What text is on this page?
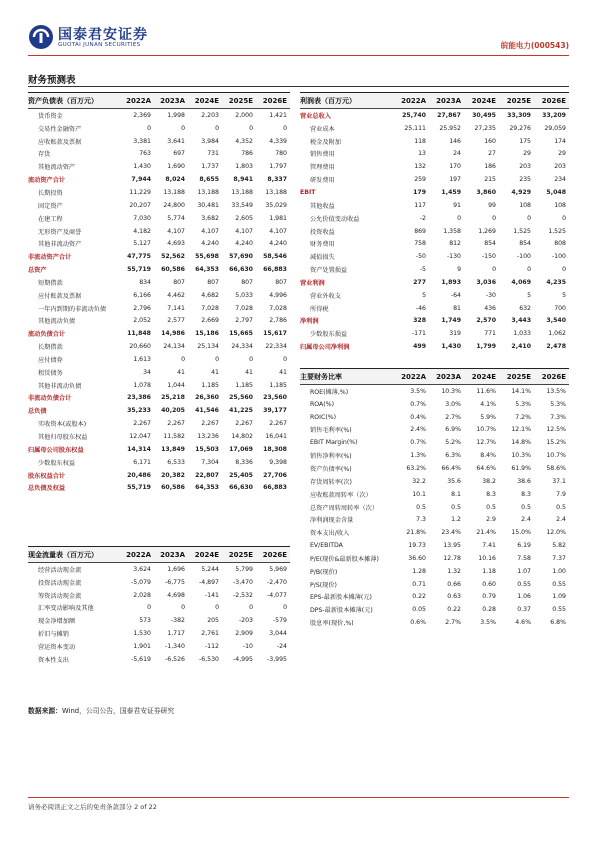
国泰君安证券
GUOTAI JUNAN SECURITIES	皖能电力(000543)
财务预测表
资产负债表（百万元）	2022A	2023A	2024E	2025E	2026E
货币资金	2,369	1,998	2,203	2,000	1,421
交易性金融资产	0	0	0	0	0
应收账款及票据	3,381	3,641	3,984	4,352	4,339
存货	763	697	731	786	780
其他流动资产	1,430	1,690	1,737	1,803	1,797
流动资产合计	7,944	8,024	8,655	8,941	8,337
长期投资	11,229	13,188	13,188	13,188	13,188
固定资产	20,207	24,800	30,481	33,549	35,029
在建工程	7,030	5,774	3,682	2,605	1,981
无形资产及商誉	4,182	4,107	4,107	4,107	4,107
其他非流动资产	5,127	4,693	4,240	4,240	4,240
非流动资产合计	47,775	52,562	55,698	57,690	58,546
总资产	55,719	60,586	64,353	66,630	66,883
短期借款	834	807	807	807	807
应付账款及票据	6,166	4,462	4,682	5,033	4,996
一年内到期的非流动负债	2,796	7,141	7,028	7,028	7,028
其他流动负债	2,052	2,577	2,669	2,797	2,786
流动负债合计	11,848	14,986	15,186	15,665	15,617
长期借款	20,660	24,134	25,134	24,334	22,334
应付债券	1,613	0	0	0	0
租赁债务	34	41	41	41	41
其他非流动负债	1,078	1,044	1,185	1,185	1,185
非流动负债合计	23,386	25,218	26,360	25,560	23,560
总负债	35,233	40,205	41,546	41,225	39,177
实收资本(或股本)	2,267	2,267	2,267	2,267	2,267
其他归母股东权益	12,047	11,582	13,236	14,802	16,041
归属母公司股东权益	14,314	13,849	15,503	17,069	18,308
少数股东权益	6,171	6,533	7,304	8,336	9,398
股东权益合计	20,486	20,382	22,807	25,405	27,706
总负债及权益	55,719	60,586	64,353	66,630	66,883
现金流量表（百万元）	2022A	2023A	2024E	2025E	2026E
经营活动现金流	3,624	1,696	5,244	5,799	5,969
投资活动现金流	-5,079	-6,775	-4,897	-3,470	-2,470
筹资活动现金流	2,028	4,698	-141	-2,532	-4,077
汇率变动影响及其他	0	0	0	0	0
现金净增加额	573	-382	205	-203	-579
折旧与摊销	1,530	1,717	2,761	2,909	3,044
营运资本变动	1,901	-1,340	-112	-10	-24
资本性支出	-5,619	-6,526	-6,530	-4,995	-3,995
利润表（百万元）	2022A	2023A	2024E	2025E	2026E
营业总收入	25,740	27,867	30,495	33,309	33,209
营业成本	25,111	25,952	27,235	29,276	29,059
税金及附加	118	146	160	175	174
销售费用	13	24	27	29	29
管理费用	132	170	186	203	203
研发费用	259	197	215	235	234
EBIT	179	1,459	3,860	4,929	5,048
其他收益	117	91	99	108	108
公允价值变动收益	-2	0	0	0	0
投资收益	869	1,358	1,269	1,525	1,525
财务费用	758	812	854	854	808
减值损失	-50	-130	-150	-100	-100
资产处置损益	-5	9	0	0	0
营业利润	277	1,893	3,036	4,069	4,235
营业外收支	5	-64	-30	5	5
所得税	-46	81	436	632	700
净利润	328	1,749	2,570	3,443	3,540
少数股东损益	-171	319	771	1,033	1,062
归属母公司净利润	499	1,430	1,799	2,410	2,478
主要财务比率	2022A	2023A	2024E	2025E	2026E
ROE(摊薄,%)	3.5%	10.3%	11.6%	14.1%	13.5%
ROA(%)	0.7%	3.0%	4.1%	5.3%	5.3%
ROIC(%)	0.4%	2.7%	5.9%	7.2%	7.3%
销售毛利率(%)	2.4%	6.9%	10.7%	12.1%	12.5%
EBIT Margin(%)	0.7%	5.2%	12.7%	14.8%	15.2%
销售净利率(%)	1.3%	6.3%	8.4%	10.3%	10.7%
资产负债率(%)	63.2%	66.4%	64.6%	61.9%	58.6%
存货周转率(次)	32.2	35.6	38.2	38.6	37.1
应收账款周转率（次）	10.1	8.1	8.3	8.3	7.9
总资产周转周转率（次）	0.5	0.5	0.5	0.5	0.5
净利润现金含量	7.3	1.2	2.9	2.4	2.4
资本支出/收入	21.8%	23.4%	21.4%	15.0%	12.0%
EV/EBITDA	19.73	13.95	7.41	6.19	5.82
P/E(现价&最新股本摊薄)	36.60	12.78	10.16	7.58	7.37
P/B(现价)	1.28	1.32	1.18	1.07	1.00
P/S(现价)	0.71	0.66	0.60	0.55	0.55
EPS-最新股本摊薄(元)	0.22	0.63	0.79	1.06	1.09
DPS-最新股本摊薄(元)	0.05	0.22	0.28	0.37	0.55
股息率(现价,%)	0.6%	2.7%	3.5%	4.6%	6.8%
数据来源：Wind，公司公告，国泰君安证券研究
请务必阅读正文之后的免责条款部分 2 of 22
